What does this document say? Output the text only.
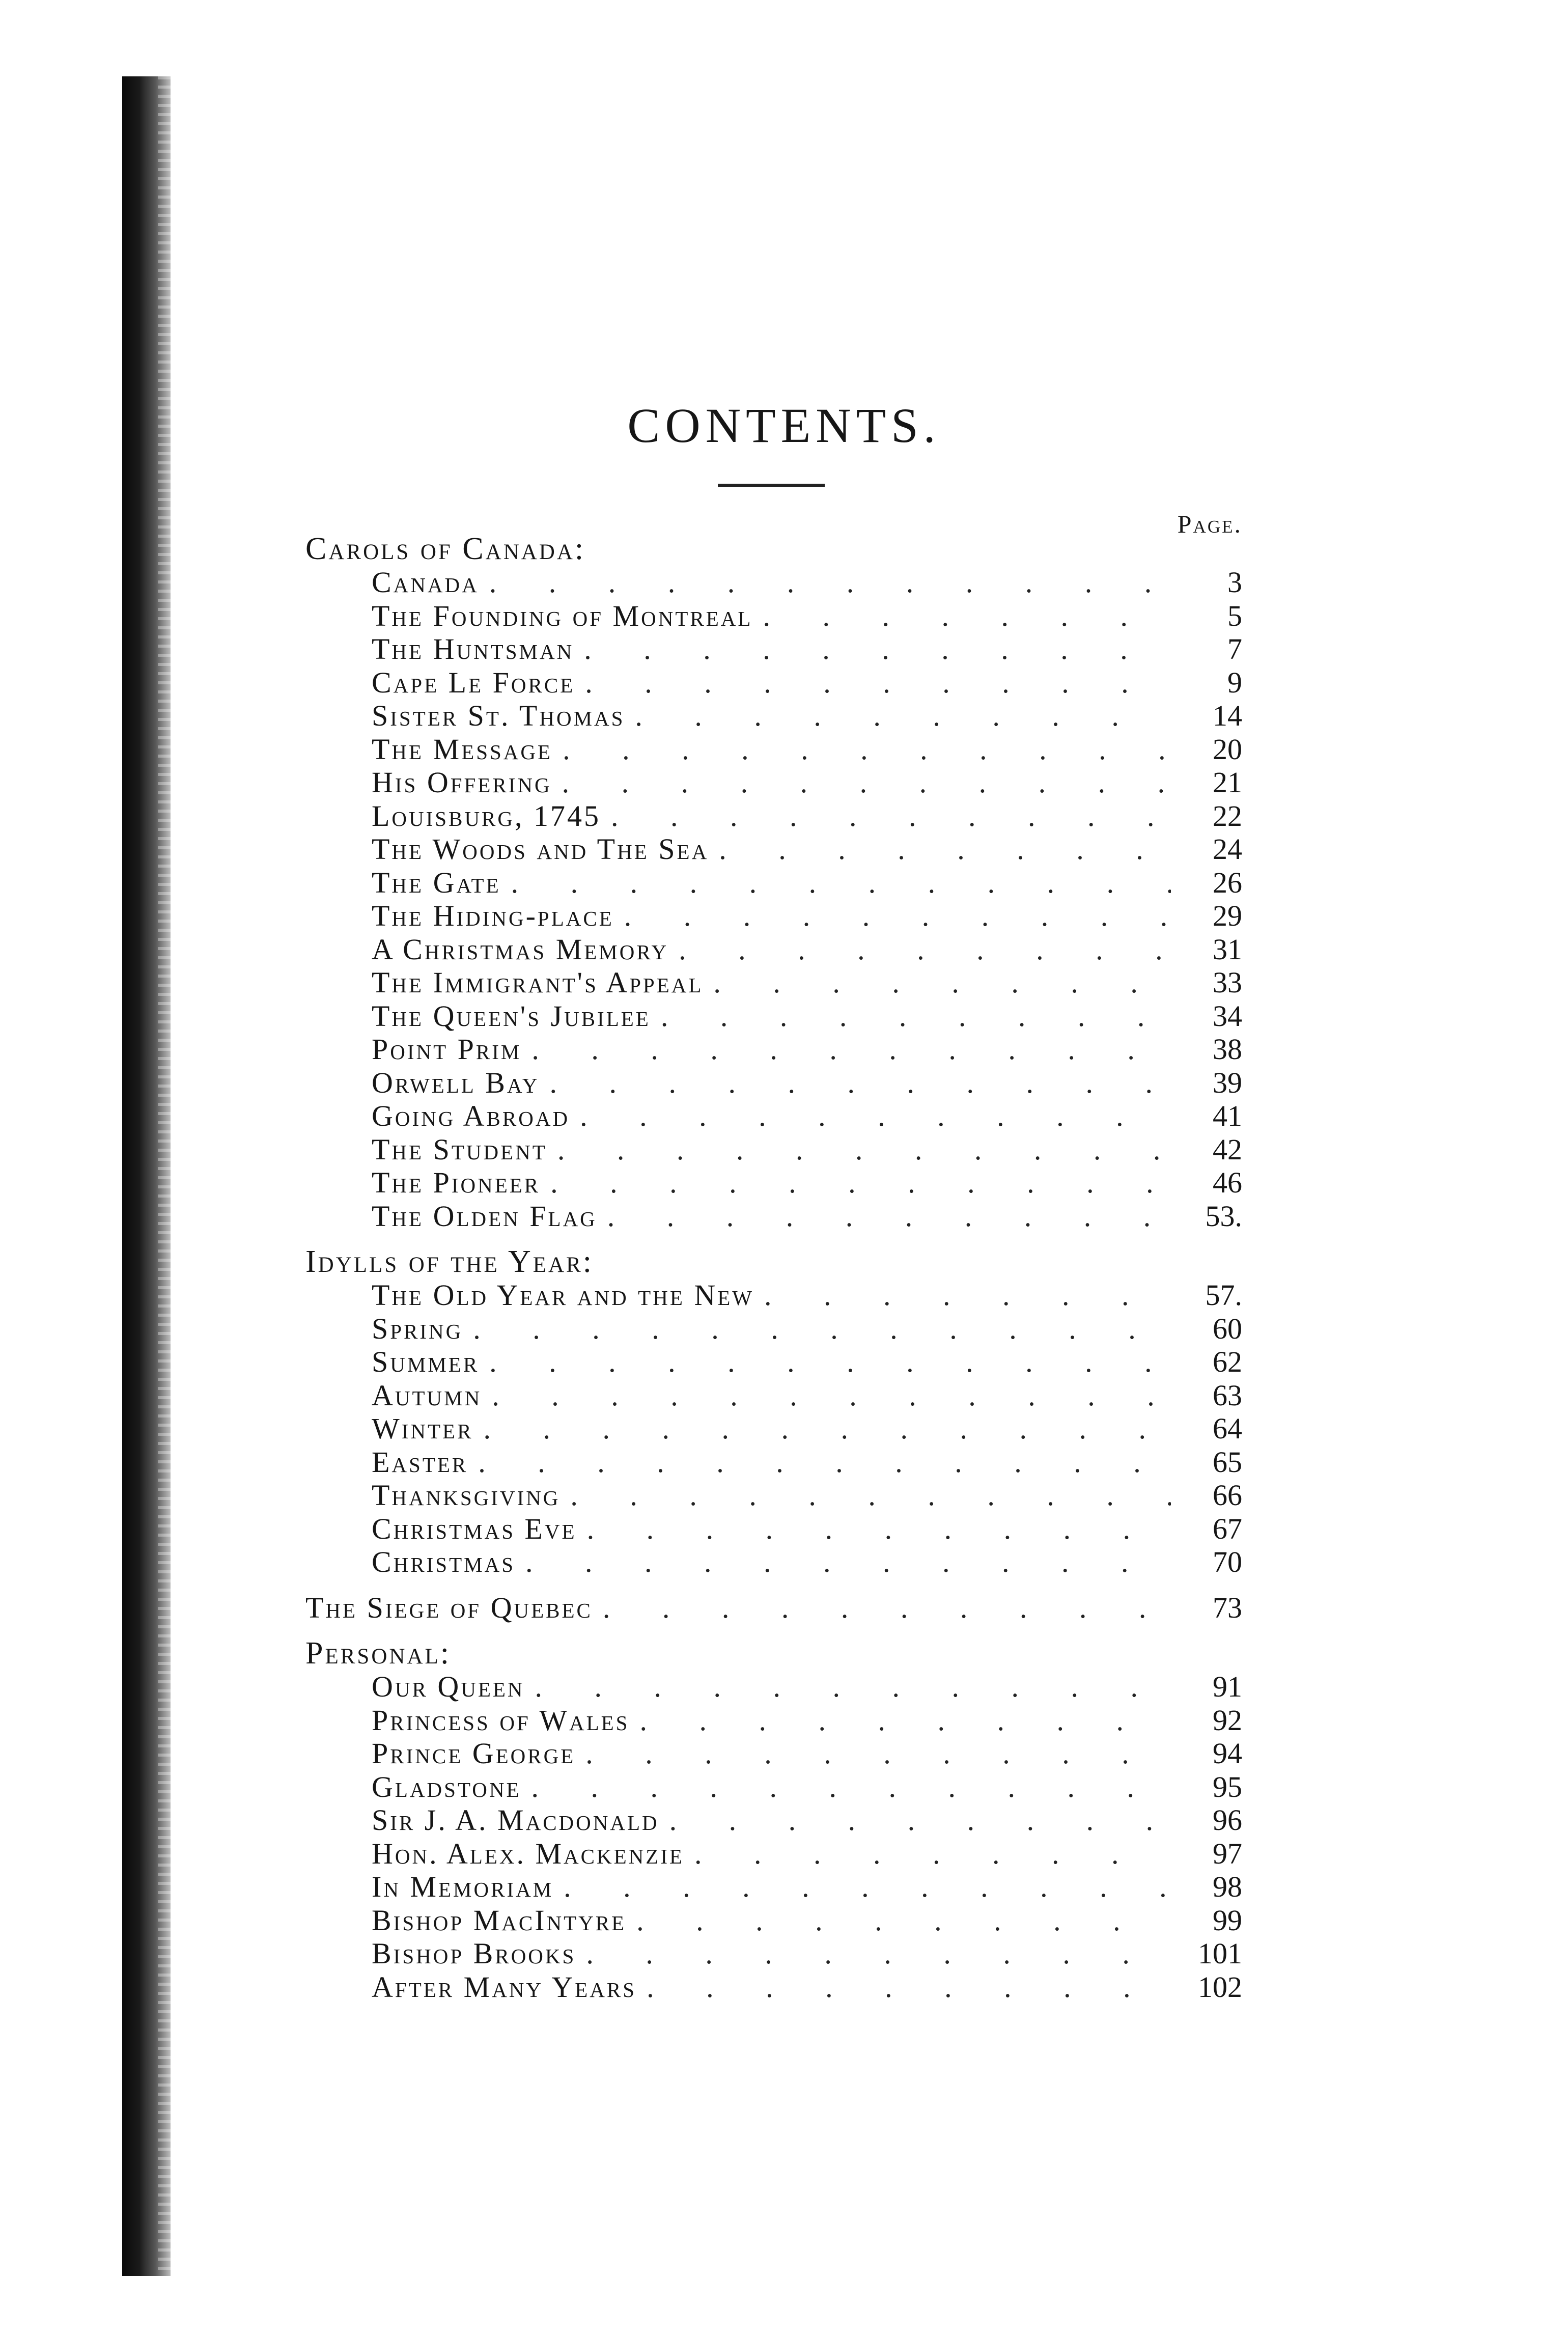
CONTENTS.
Page.
Carols of Canada:
Canada . . .	3
The Founding of Montreal . . .	5
The Huntsman . . .	7
Cape Le Force . . .	9
Sister St. Thomas . . .	14
The Message . . .	20
His Offering . . .	21
Louisburg, 1745 . . .	22
The Woods and The Sea . . .	24
The Gate . . .	26
The Hiding-place . . .	29
A Christmas Memory . . .	31
The Immigrant's Appeal . . .	33
The Queen's Jubilee . . .	34
Point Prim . . .	38
Orwell Bay . . .	39
Going Abroad . . .	41
The Student . . .	42
The Pioneer . . .	46
The Olden Flag . . .	53.
Idylls of the Year:
The Old Year and the New . . .	57.
Spring . . .	60
Summer . . .	62
Autumn . . .	63
Winter . . .	64
Easter . . .	65
Thanksgiving . . .	66
Christmas Eve . . .	67
Christmas . . .	70
The Siege of Quebec . . .	73
Personal:
Our Queen . . .	91
Princess of Wales . . .	92
Prince George . . .	94
Gladstone . . .	95
Sir J. A. Macdonald . . .	96
Hon. Alex. Mackenzie . . .	97
In Memoriam . . .	98
Bishop MacIntyre . . .	99
Bishop Brooks . . .	101
After Many Years . . .	102
